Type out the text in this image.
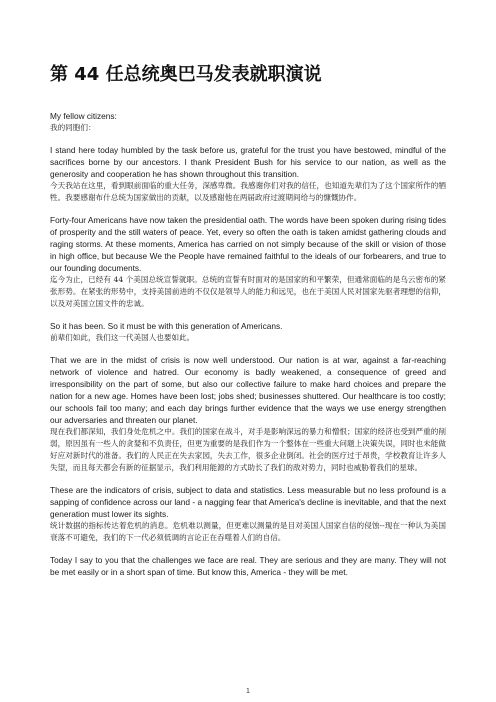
第 44 任总统奥巴马发表就职演说

My fellow citizens:

我的同胞们：

I stand here today humbled by the task before us, grateful for the trust you have bestowed, mindful of the sacrifices borne by our ancestors. I thank President Bush for his service to our nation, as well as the generosity and cooperation he has shown throughout this transition.

今天我站在这里，看到眼前面临的重大任务，深感卑微。我感谢你们对我的信任，也知道先辈们为了这个国家所作的牺牲。我要感谢布什总统为国家做出的贡献，以及感谢他在两届政府过渡期间给与的慷慨协作。

Forty-four Americans have now taken the presidential oath. The words have been spoken during rising tides of prosperity and the still waters of peace. Yet, every so often the oath is taken amidst gathering clouds and raging storms. At these moments, America has carried on not simply because of the skill or vision of those in high office, but because We the People have remained faithful to the ideals of our forbearers, and true to our founding documents.

迄今为止，已经有 44 个美国总统宣誓就职。总统的宣誓有时面对的是国家的和平繁荣，但通常面临的是乌云密布的紧张形势。在紧张的形势中，支持美国前进的不仅仅是领导人的能力和远见，也在于美国人民对国家先驱者理想的信仰，以及对美国立国文件的忠诚。

So it has been. So it must be with this generation of Americans.

前辈们如此，我们这一代美国人也要如此。

That we are in the midst of crisis is now well understood. Our nation is at war, against a far-reaching network of violence and hatred. Our economy is badly weakened, a consequence of greed and irresponsibility on the part of some, but also our collective failure to make hard choices and prepare the nation for a new age. Homes have been lost; jobs shed; businesses shuttered. Our healthcare is too costly; our schools fail too many; and each day brings further evidence that the ways we use energy strengthen our adversaries and threaten our planet.

现在我们都深知，我们身处危机之中。我们的国家在战斗，对手是影响深远的暴力和憎恨；国家的经济也受到严重的削弱，原因虽有一些人的贪婪和不负责任，但更为重要的是我们作为一个整体在一些重大问题上决策失误，同时也未能做好应对新时代的准备。我们的人民正在失去家园，失去工作，很多企业倒闭。社会的医疗过于昂贵，学校教育让许多人失望，而且每天都会有新的征据显示，我们利用能源的方式助长了我们的敌对势力，同时也威胁着我们的星球。

These are the indicators of crisis, subject to data and statistics. Less measurable but no less profound is a sapping of confidence across our land - a nagging fear that America's decline is inevitable, and that the next generation must lower its sights.

统计数据的指标传达着危机的消息。危机难以测量，但更难以测量的是目对美国人国家自信的侵蚀--现在一种认为美国衰落不可避免，我们的下一代必须低调的言论正在吞噬着人们的自信。

Today I say to you that the challenges we face are real. They are serious and they are many. They will not be met easily or in a short span of time. But know this, America - they will be met.

1
